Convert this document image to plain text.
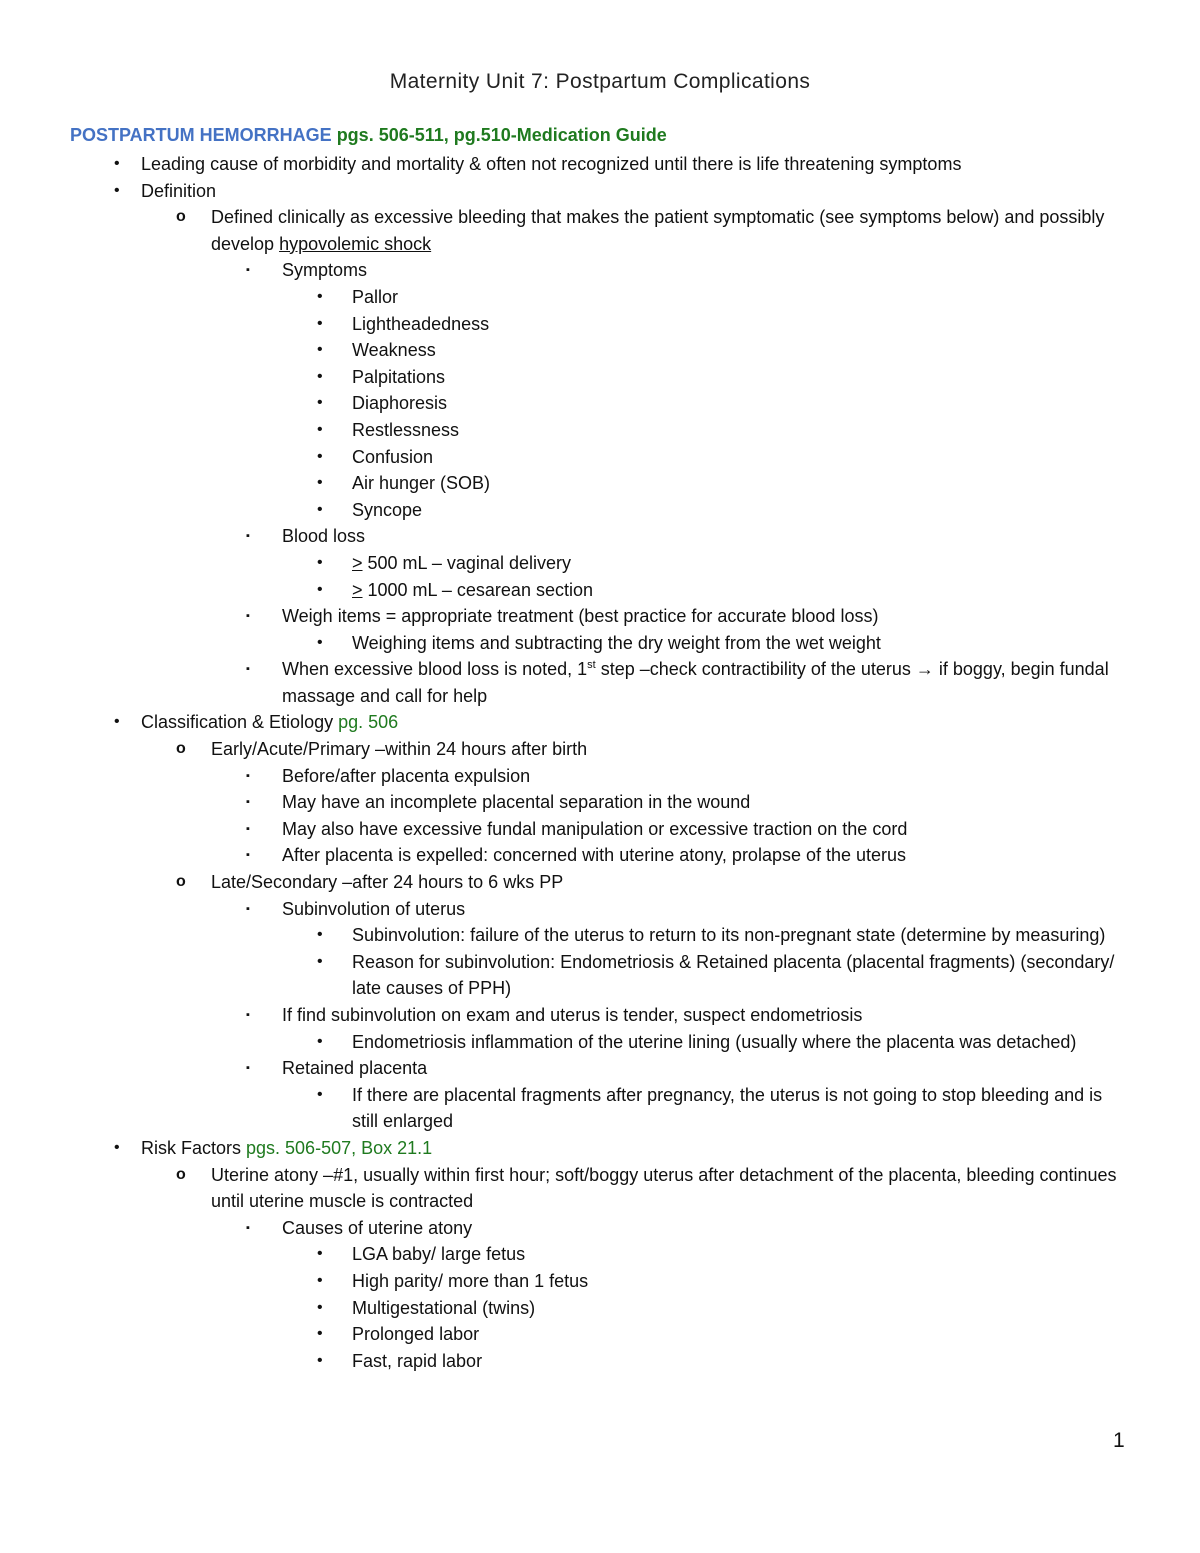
Maternity Unit 7: Postpartum Complications
POSTPARTUM HEMORRHAGE pgs. 506-511, pg.510-Medication Guide
• Leading cause of morbidity and mortality & often not recognized until there is life threatening symptoms
• Definition
o Defined clinically as excessive bleeding that makes the patient symptomatic (see symptoms below) and possibly develop hypovolemic shock
▪ Symptoms
• Pallor
• Lightheadedness
• Weakness
• Palpitations
• Diaphoresis
• Restlessness
• Confusion
• Air hunger (SOB)
• Syncope
▪ Blood loss
• ≥ 500 mL – vaginal delivery
• ≥ 1000 mL – cesarean section
▪ Weigh items = appropriate treatment (best practice for accurate blood loss)
• Weighing items and subtracting the dry weight from the wet weight
▪ When excessive blood loss is noted, 1st step –check contractibility of the uterus → if boggy, begin fundal massage and call for help
• Classification & Etiology pg. 506
o Early/Acute/Primary –within 24 hours after birth
▪ Before/after placenta expulsion
▪ May have an incomplete placental separation in the wound
▪ May also have excessive fundal manipulation or excessive traction on the cord
▪ After placenta is expelled: concerned with uterine atony, prolapse of the uterus
o Late/Secondary –after 24 hours to 6 wks PP
▪ Subinvolution of uterus
• Subinvolution: failure of the uterus to return to its non-pregnant state (determine by measuring)
• Reason for subinvolution: Endometriosis & Retained placenta (placental fragments) (secondary/ late causes of PPH)
▪ If find subinvolution on exam and uterus is tender, suspect endometriosis
• Endometriosis inflammation of the uterine lining (usually where the placenta was detached)
▪ Retained placenta
• If there are placental fragments after pregnancy, the uterus is not going to stop bleeding and is still enlarged
• Risk Factors pgs. 506-507, Box 21.1
o Uterine atony –#1, usually within first hour; soft/boggy uterus after detachment of the placenta, bleeding continues until uterine muscle is contracted
▪ Causes of uterine atony
• LGA baby/ large fetus
• High parity/ more than 1 fetus
• Multigestational (twins)
• Prolonged labor
• Fast, rapid labor
1
